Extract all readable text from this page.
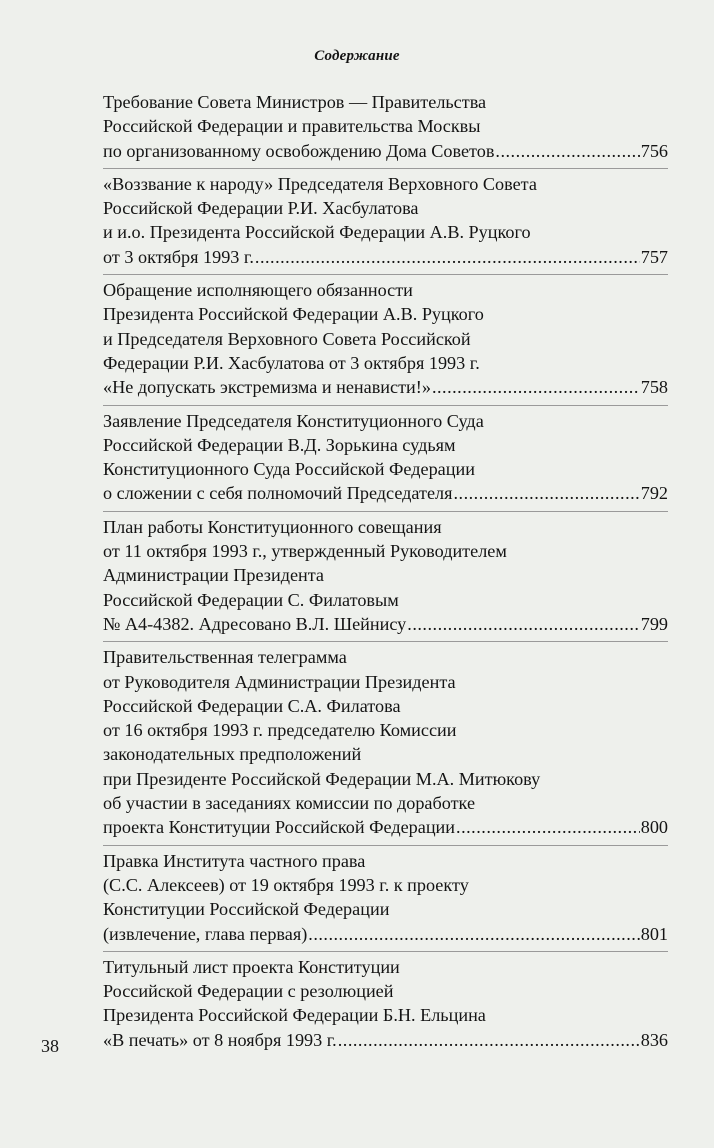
Содержание
Требование Совета Министров — Правительства
Российской Федерации и правительства Москвы
по организованному освобождению Дома Советов .....	756
«Воззвание к народу» Председателя Верховного Совета
Российской Федерации Р.И. Хасбулатова
и и.о. Президента Российской Федерации А.В. Руцкого
от 3 октября 1993 г. .....	757
Обращение исполняющего обязанности
Президента Российской Федерации А.В. Руцкого
и Председателя Верховного Совета Российской
Федерации Р.И. Хасбулатова от 3 октября 1993 г.
«Не допускать экстремизма и ненависти!» .....	758
Заявление Председателя Конституционного Суда
Российской Федерации В.Д. Зорькина судьям
Конституционного Суда Российской Федерации
о сложении с себя полномочий Председателя .....	792
План работы Конституционного совещания
от 11 октября 1993 г., утвержденный Руководителем
Администрации Президента
Российской Федерации С. Филатовым
№ А4-4382. Адресовано В.Л. Шейнису .....	799
Правительственная телеграмма
от Руководителя Администрации Президента
Российской Федерации С.А. Филатова
от 16 октября 1993 г. председателю Комиссии
законодательных предположений
при Президенте Российской Федерации М.А. Митюкову
об участии в заседаниях комиссии по доработке
проекта Конституции Российской Федерации .....	800
Правка Института частного права
(С.С. Алексеев) от 19 октября 1993 г. к проекту
Конституции Российской Федерации
(извлечение, глава первая) .....	801
Титульный лист проекта Конституции
Российской Федерации с резолюцией
Президента Российской Федерации Б.Н. Ельцина
«В печать» от 8 ноября 1993 г. .....	836
38
